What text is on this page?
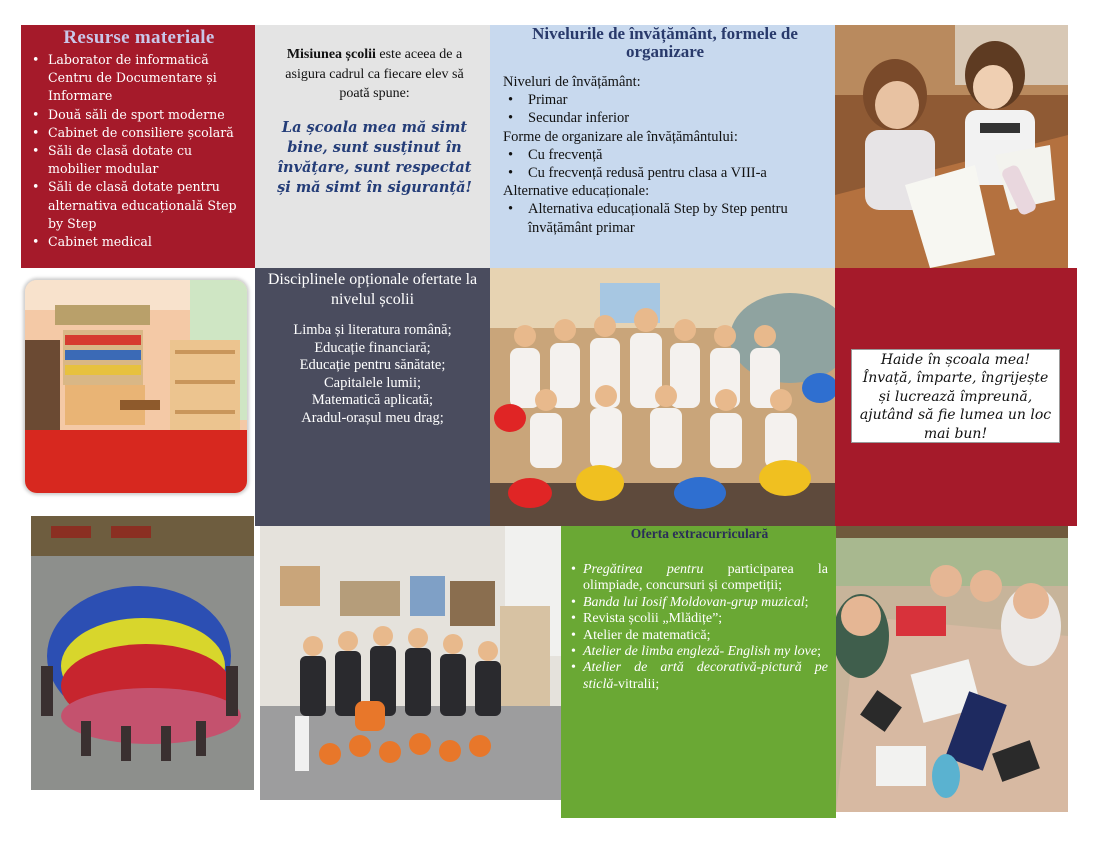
Resurse materiale
• Laborator de informatică Centru de Documentare și Informare
• Două săli de sport moderne
• Cabinet de consiliere școlară
• Săli de clasă dotate cu mobilier modular
• Săli de clasă dotate pentru alternativa educațională Step by Step
• Cabinet medical

Misiunea școlii este aceea de a asigura cadrul ca fiecare elev să poată spune:

La școala mea mă simt bine, sunt susținut în învățare, sunt respectat și mă simt în siguranță!

Nivelurile de învățământ, formele de organizare
Niveluri de învățământ:
• Primar
• Secundar inferior
Forme de organizare ale învățământului:
• Cu frecvență
• Cu frecvență redusă pentru clasa a VIII-a
Alternative educaționale:
• Alternativa educațională Step by Step pentru învățământ primar

Disciplinele opționale ofertate la nivelul școlii

Limba și literatura română;
Educație financiară;
Educație pentru sănătate;
Capitalele lumii;
Matematică aplicată;
Aradul-orașul meu drag;
Haide în școala mea! Învață, împarte, îngrijește și lucrează împreună, ajutând să fie lumea un loc mai bun!
Oferta extracurriculară
• Pregătirea pentru participarea la olimpiade, concursuri și competiții;
• Banda lui Iosif Moldovan-grup muzical;
• Revista școlii „Mlădițe”;
• Atelier de matematică;
• Atelier de limba engleză- English my love;
• Atelier de artă decorativă-pictură pe sticlă-vitralii;
